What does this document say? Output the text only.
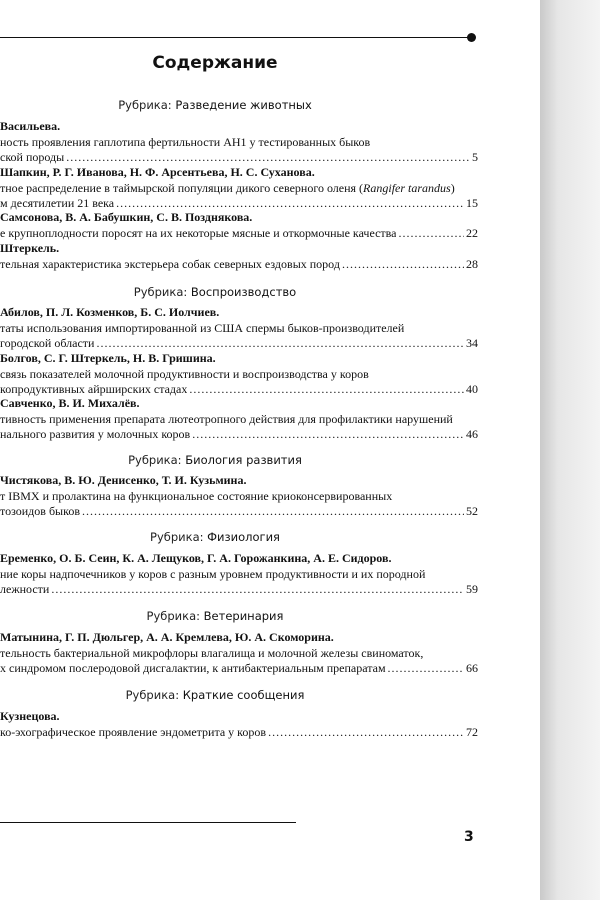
Содержание
Рубрика: Разведение животных
Васильева.
ность проявления гаплотипа фертильности АН1 у тестированных быков
ской породы .....	5
Шапкин, Р. Г. Иванова, Н. Ф. Арсентьева, Н. С. Суханова.
тное распределение в таймырской популяции дикого северного оленя (Rangifer tarandus)
м десятилетии 21 века .....	15
Самсонова, В. А. Бабушкин, С. В. Позднякова.
е крупноплодности поросят на их некоторые мясные и откормочные качества .....	22
Штеркель.
тельная характеристика экстерьера собак северных ездовых пород .....	28
Рубрика: Воспроизводство
Абилов, П. Л. Козменков, Б. С. Иолчиев.
таты использования импортированной из США спермы быков-производителей
городской области .....	34
Болгов, С. Г. Штеркель, Н. В. Гришина.
связь показателей молочной продуктивности и воспроизводства у коров
копродуктивных айрширских стадах .....	40
Савченко, В. И. Михалёв.
тивность применения препарата лютеотропного действия для профилактики нарушений
нального развития у молочных коров .....	46
Рубрика: Биология развития
Чистякова, В. Ю. Денисенко, Т. И. Кузьмина.
т IBMX и пролактина на функциональное состояние криоконсервированных
тозоидов быков .....	52
Рубрика: Физиология
Еременко, О. Б. Сеин, К. А. Лещуков, Г. А. Горожанкина, А. Е. Сидоров.
ние коры надпочечников у коров с разным уровнем продуктивности и их породной
лежности .....	59
Рубрика: Ветеринария
Матынина, Г. П. Дюльгер, А. А. Кремлева, Ю. А. Скоморина.
тельность бактериальной микрофлоры влагалища и молочной железы свиноматок,
х синдромом послеродовой дисгалактии, к антибактериальным препаратам .....	66
Рубрика: Краткие сообщения
Кузнецова.
ко-эхографическое проявление эндометрита у коров .....	72
3
